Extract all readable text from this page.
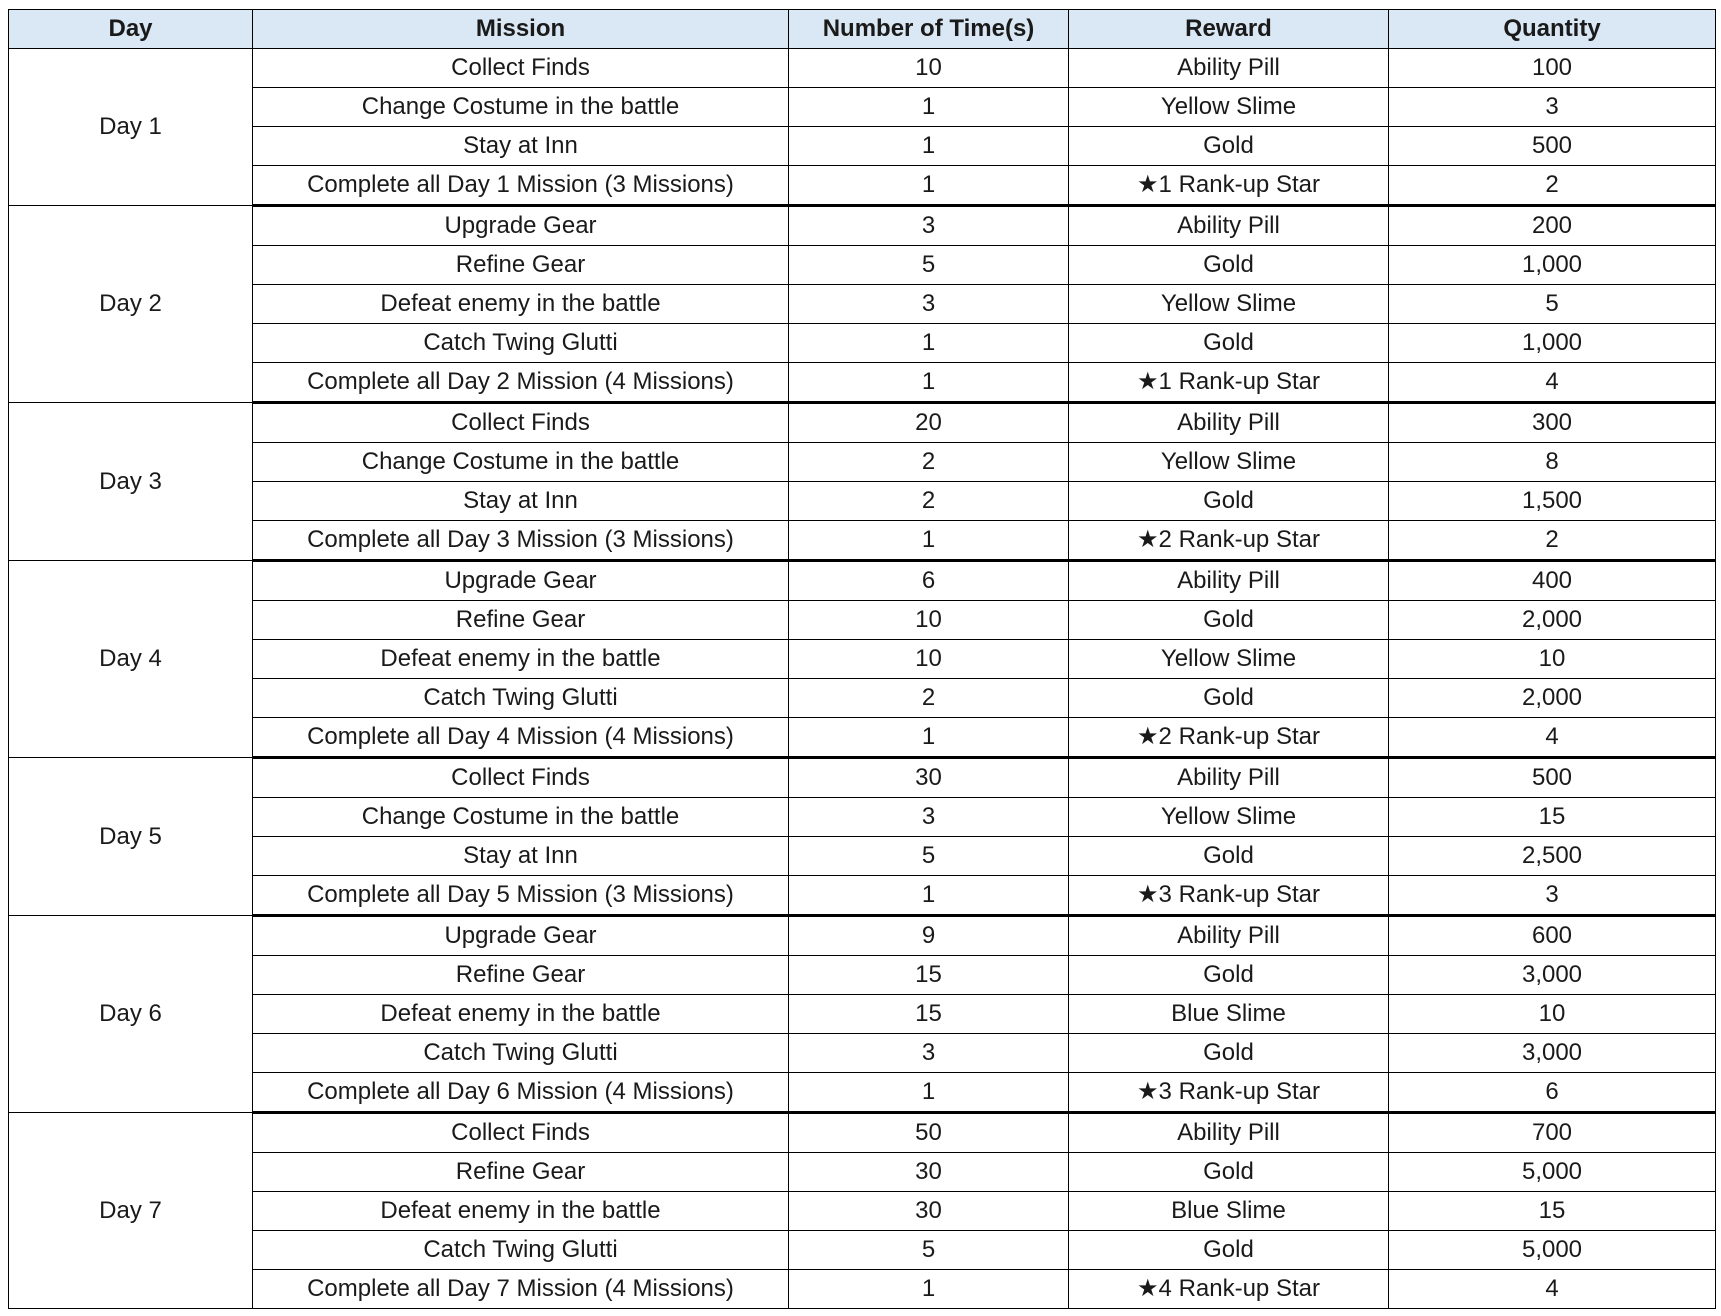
Day	Mission	Number of Time(s)	Reward	Quantity
Day 1	Collect Finds	10	Ability Pill	100
	Change Costume in the battle	1	Yellow Slime	3
	Stay at Inn	1	Gold	500
	Complete all Day 1 Mission (3 Missions)	1	★1 Rank-up Star	2
Day 2	Upgrade Gear	3	Ability Pill	200
	Refine Gear	5	Gold	1,000
	Defeat enemy in the battle	3	Yellow Slime	5
	Catch Twing Glutti	1	Gold	1,000
	Complete all Day 2 Mission (4 Missions)	1	★1 Rank-up Star	4
Day 3	Collect Finds	20	Ability Pill	300
	Change Costume in the battle	2	Yellow Slime	8
	Stay at Inn	2	Gold	1,500
	Complete all Day 3 Mission (3 Missions)	1	★2 Rank-up Star	2
Day 4	Upgrade Gear	6	Ability Pill	400
	Refine Gear	10	Gold	2,000
	Defeat enemy in the battle	10	Yellow Slime	10
	Catch Twing Glutti	2	Gold	2,000
	Complete all Day 4 Mission (4 Missions)	1	★2 Rank-up Star	4
Day 5	Collect Finds	30	Ability Pill	500
	Change Costume in the battle	3	Yellow Slime	15
	Stay at Inn	5	Gold	2,500
	Complete all Day 5 Mission (3 Missions)	1	★3 Rank-up Star	3
Day 6	Upgrade Gear	9	Ability Pill	600
	Refine Gear	15	Gold	3,000
	Defeat enemy in the battle	15	Blue Slime	10
	Catch Twing Glutti	3	Gold	3,000
	Complete all Day 6 Mission (4 Missions)	1	★3 Rank-up Star	6
Day 7	Collect Finds	50	Ability Pill	700
	Refine Gear	30	Gold	5,000
	Defeat enemy in the battle	30	Blue Slime	15
	Catch Twing Glutti	5	Gold	5,000
	Complete all Day 7 Mission (4 Missions)	1	★4 Rank-up Star	4
